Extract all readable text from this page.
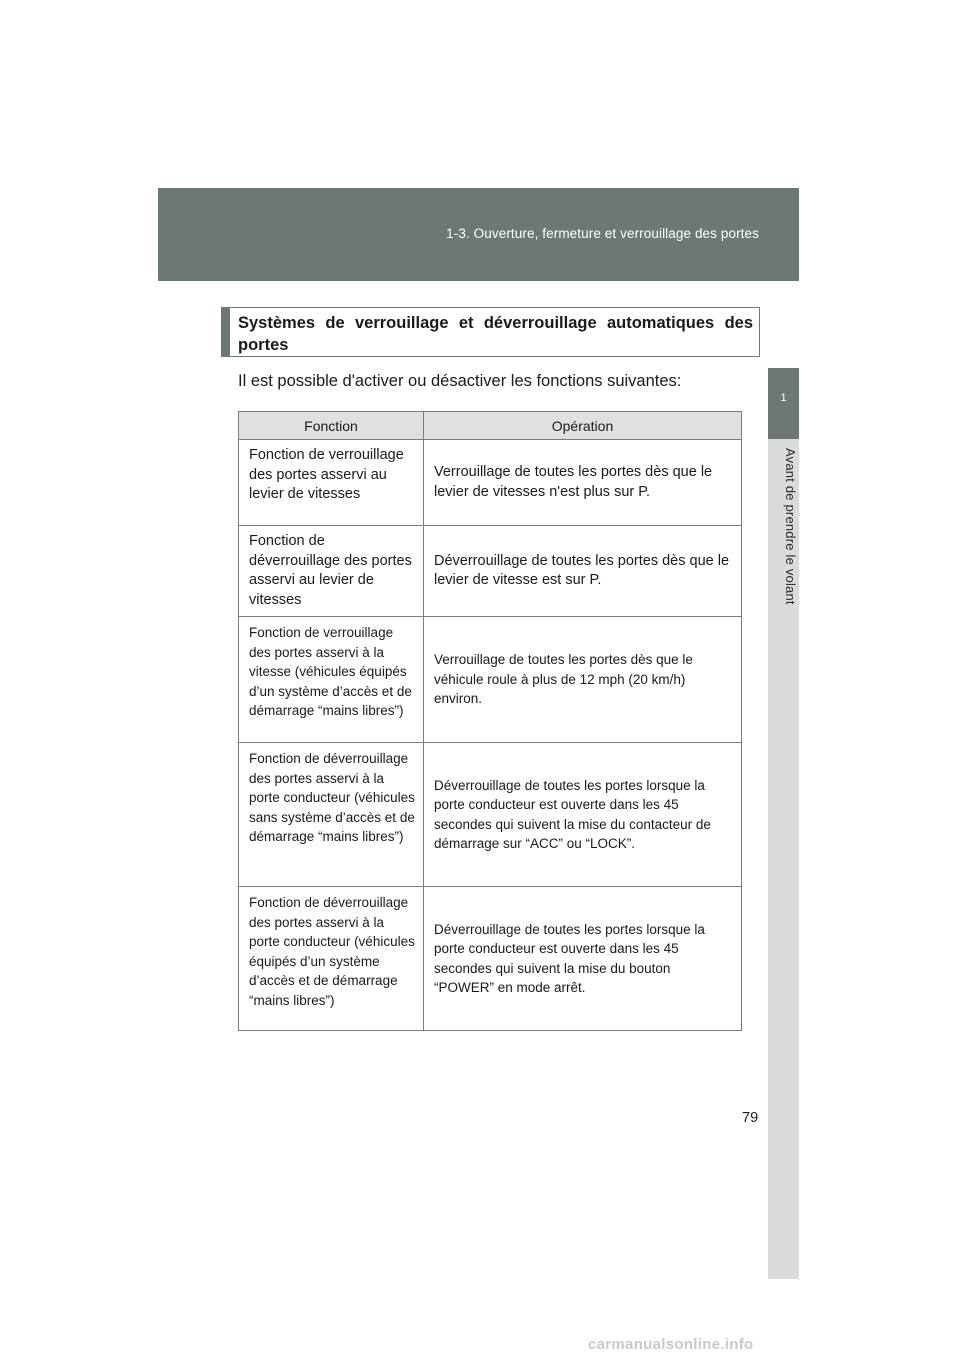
1-3. Ouverture, fermeture et verrouillage des portes
1
Avant de prendre le volant
Systèmes de verrouillage et déverrouillage automatiques des portes
Il est possible d'activer ou désactiver les fonctions suivantes:
Fonction	Opération
Fonction de verrouillage des portes asservi au levier de vitesses	Verrouillage de toutes les portes dès que le levier de vitesses n'est plus sur P.
Fonction de déverrouillage des portes asservi au levier de vitesses	Déverrouillage de toutes les portes dès que le levier de vitesse est sur P.
Fonction de verrouillage des portes asservi à la vitesse (véhicules équipés d’un système d’accès et de démarrage “mains libres”)	Verrouillage de toutes les portes dès que le véhicule roule à plus de 12 mph (20 km/h) environ.
Fonction de déverrouillage des portes asservi à la porte conducteur (véhicules sans système d’accès et de démarrage “mains libres”)	Déverrouillage de toutes les portes lorsque la porte conducteur est ouverte dans les 45 secondes qui suivent la mise du contacteur de démarrage sur “ACC” ou “LOCK”.
Fonction de déverrouillage des portes asservi à la porte conducteur (véhicules équipés d’un système d’accès et de démarrage “mains libres”)	Déverrouillage de toutes les portes lorsque la porte conducteur est ouverte dans les 45 secondes qui suivent la mise du bouton “POWER” en mode arrêt.
79
carmanualsonline.info
